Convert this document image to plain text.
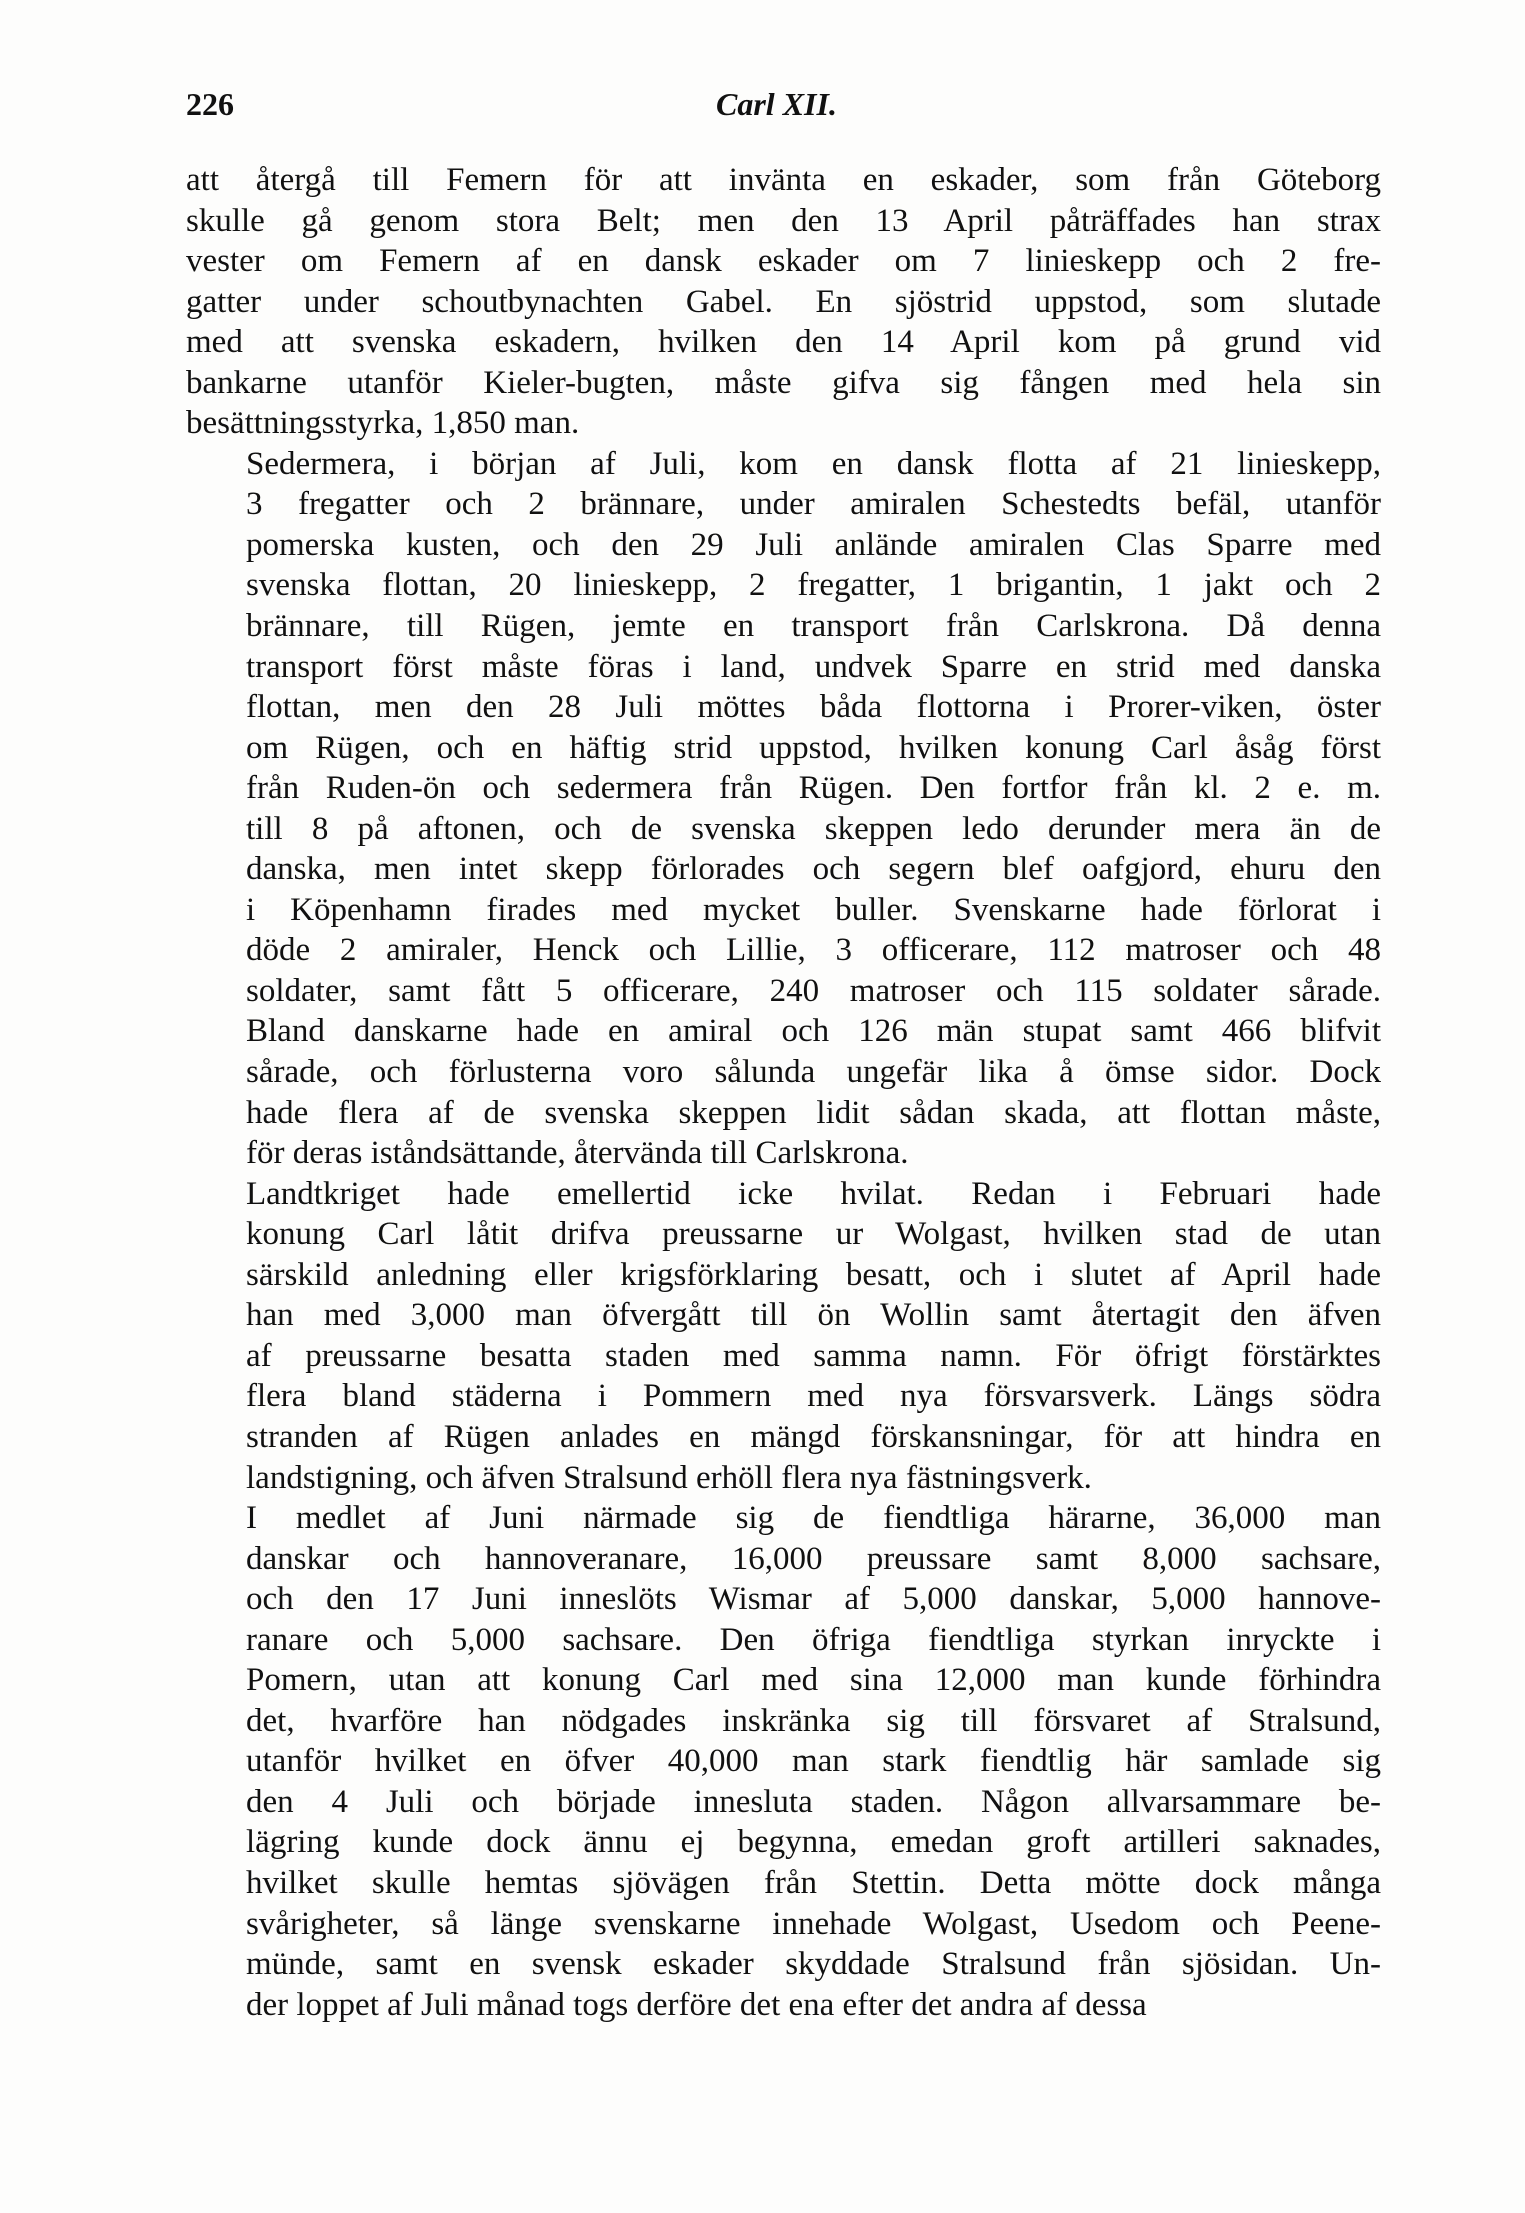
226	Carl XII.

att återgå till Femern för att invänta en eskader, som från Göteborg
skulle gå genom stora Belt; men den 13 April påträffades han strax
vester om Femern af en dansk eskader om 7 linieskepp och 2 fre-
gatter under schoutbynachten Gabel. En sjöstrid uppstod, som slutade
med att svenska eskadern, hvilken den 14 April kom på grund vid
bankarne utanför Kieler-bugten, måste gifva sig fången med hela sin
besättningsstyrka, 1,850 man.

Sedermera, i början af Juli, kom en dansk flotta af 21 linieskepp,
3 fregatter och 2 brännare, under amiralen Schestedts befäl, utanför
pomerska kusten, och den 29 Juli anlände amiralen Clas Sparre med
svenska flottan, 20 linieskepp, 2 fregatter, 1 brigantin, 1 jakt och 2
brännare, till Rügen, jemte en transport från Carlskrona. Då denna
transport först måste föras i land, undvek Sparre en strid med danska
flottan, men den 28 Juli möttes båda flottorna i Prorer-viken, öster
om Rügen, och en häftig strid uppstod, hvilken konung Carl åsåg först
från Ruden-ön och sedermera från Rügen. Den fortfor från kl. 2 e. m.
till 8 på aftonen, och de svenska skeppen ledo derunder mera än de
danska, men intet skepp förlorades och segern blef oafgjord, ehuru den
i Köpenhamn firades med mycket buller. Svenskarne hade förlorat i
döde 2 amiraler, Henck och Lillie, 3 officerare, 112 matroser och 48
soldater, samt fått 5 officerare, 240 matroser och 115 soldater sårade.
Bland danskarne hade en amiral och 126 män stupat samt 466 blifvit
sårade, och förlusterna voro sålunda ungefär lika å ömse sidor. Dock
hade flera af de svenska skeppen lidit sådan skada, att flottan måste,
för deras iståndsättande, återvända till Carlskrona.

Landtkriget hade emellertid icke hvilat. Redan i Februari hade
konung Carl låtit drifva preussarne ur Wolgast, hvilken stad de utan
särskild anledning eller krigsförklaring besatt, och i slutet af April hade
han med 3,000 man öfvergått till ön Wollin samt återtagit den äfven
af preussarne besatta staden med samma namn. För öfrigt förstärktes
flera bland städerna i Pommern med nya försvarsverk. Längs södra
stranden af Rügen anlades en mängd förskansningar, för att hindra en
landstigning, och äfven Stralsund erhöll flera nya fästningsverk.

I medlet af Juni närmade sig de fiendtliga härarne, 36,000 man
danskar och hannoveranare, 16,000 preussare samt 8,000 sachsare,
och den 17 Juni inneslöts Wismar af 5,000 danskar, 5,000 hannove-
ranare och 5,000 sachsare. Den öfriga fiendtliga styrkan inryckte i
Pomern, utan att konung Carl med sina 12,000 man kunde förhindra
det, hvarföre han nödgades inskränka sig till försvaret af Stralsund,
utanför hvilket en öfver 40,000 man stark fiendtlig här samlade sig
den 4 Juli och började innesluta staden. Någon allvarsammare be-
lägring kunde dock ännu ej begynna, emedan groft artilleri saknades,
hvilket skulle hemtas sjövägen från Stettin. Detta mötte dock många
svårigheter, så länge svenskarne innehade Wolgast, Usedom och Peene-
münde, samt en svensk eskader skyddade Stralsund från sjösidan. Un-
der loppet af Juli månad togs derföre det ena efter det andra af dessa
